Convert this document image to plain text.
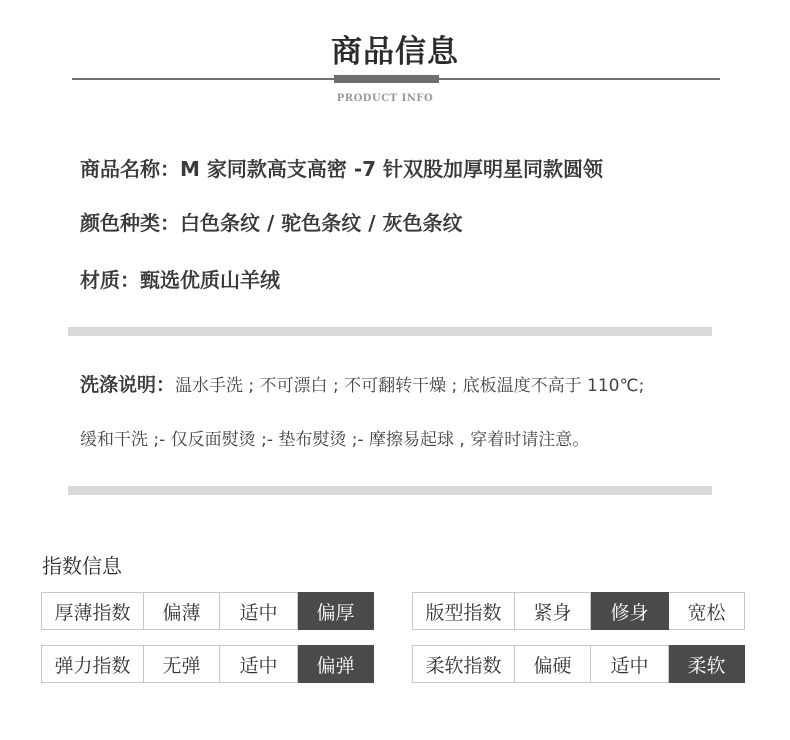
商品信息
PRODUCT INFO
商品名称：M 家同款高支高密 -7 针双股加厚明星同款圆领
颜色种类：白色条纹 / 驼色条纹 / 灰色条纹
材质：甄选优质山羊绒
洗涤说明：温水手洗 ; 不可漂白 ; 不可翻转干燥 ; 底板温度不高于 110℃;
缓和干洗 ;- 仅反面熨烫 ;- 垫布熨烫 ;- 摩擦易起球 , 穿着时请注意。
指数信息
厚薄指数	偏薄	适中	偏厚	版型指数	紧身	修身	宽松
弹力指数	无弹	适中	偏弹	柔软指数	偏硬	适中	柔软
